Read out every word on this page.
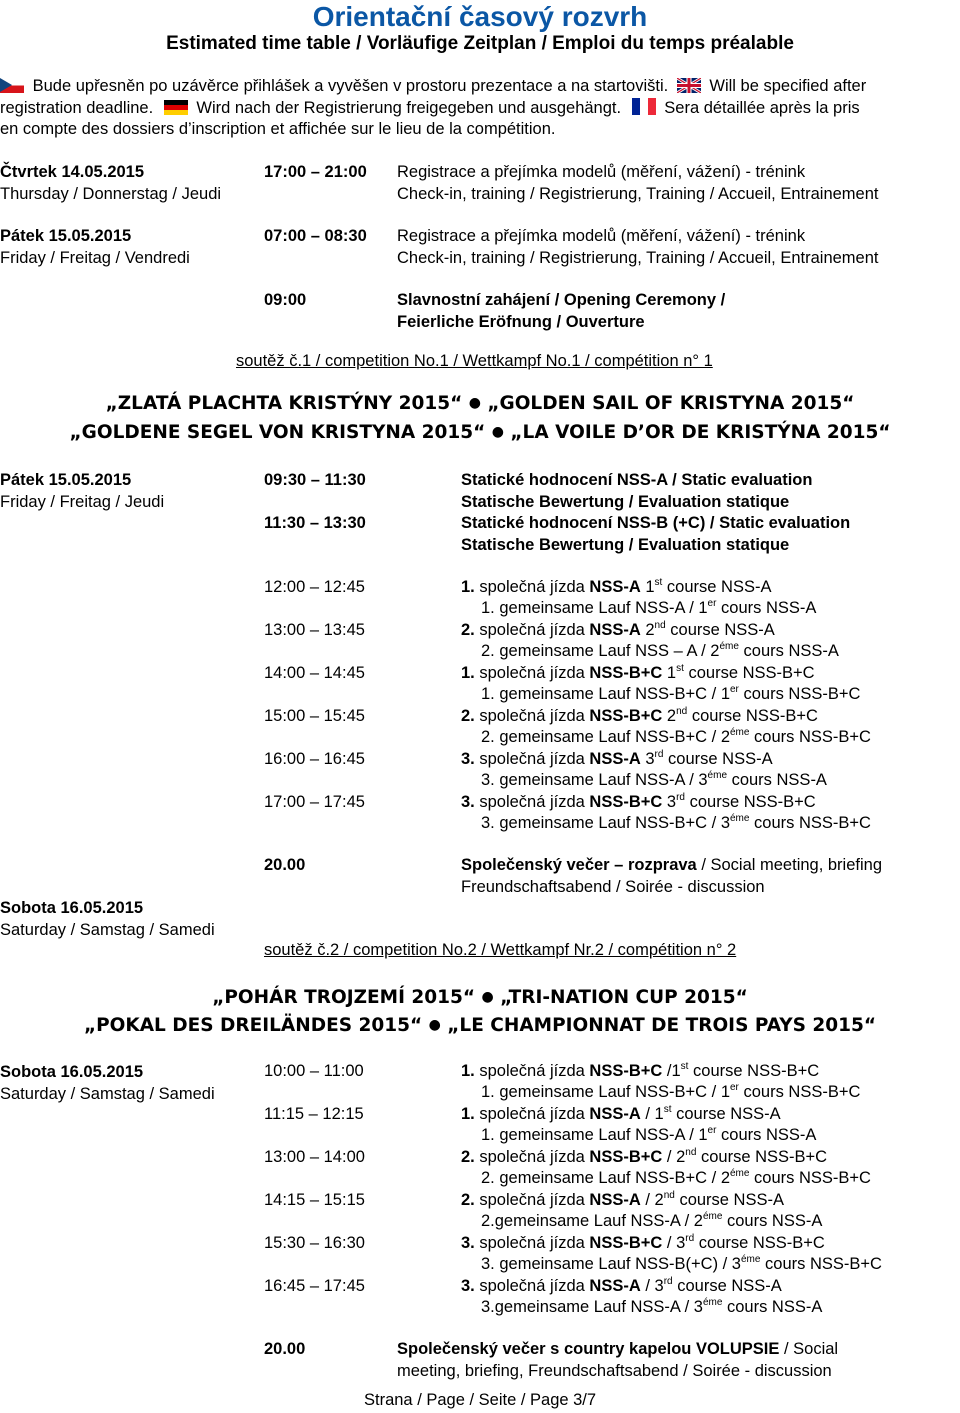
Orientační časový rozvrh
Estimated time table / Vorläufige Zeitplan / Emploi du temps préalable
Bude upřesněn po uzávěrce přihlášek a vyvěšen v prostoru prezentace a na startovišti. Will be specified after
registration deadline.	Wird nach der Registrierung freigegeben und ausgehängt.	Sera détaillée après la pris
en compte des dossiers d’inscription et affichée sur le lieu de la compétition.
Čtvrtek 14.05.2015
Thursday / Donnerstag / Jeudi
17:00 – 21:00 Registrace a přejímka modelů (měření, vážení) - trénink
Check-in, training / Registrierung, Training / Accueil, Entrainement
Pátek 15.05.2015
Friday / Freitag / Vendredi
07:00 – 08:30 Registrace a přejímka modelů (měření, vážení) - trénink
Check-in, training / Registrierung, Training / Accueil, Entrainement
09:00	Slavnostní zahájení / Opening Ceremony /
Feierliche Eröfnung / Ouverture
soutěž č.1 / competition No.1 / Wettkampf No.1 / compétition n° 1
„ZLATÁ PLACHTA KRISTÝNY 2015“ ● „GOLDEN SAIL OF KRISTYNA 2015“
„GOLDENE SEGEL VON KRISTYNA 2015“ ● „LA VOILE D’OR DE KRISTÝNA 2015“
Pátek 15.05.2015
Friday / Freitag / Jeudi
09:30 – 11:30	Statické hodnocení NSS-A / Static evaluation
Statische Bewertung / Evaluation statique
11:30 – 13:30	Statické hodnocení NSS-B (+C) / Static evaluation
Statische Bewertung / Evaluation statique
12:00 – 12:45	1. společná jízda NSS-A 1st course NSS-A
1. gemeinsame Lauf NSS-A / 1er cours NSS-A
13:00 – 13:45	2. společná jízda NSS-A 2nd course NSS-A
2. gemeinsame Lauf NSS – A / $2^{éme}$ cours NSS-A
14:00 – 14:45	1. společná jízda NSS-B+C 1st course NSS-B+C
1. gemeinsame Lauf NSS-B+C / 1er cours NSS-B+C
15:00 – 15:45	2. společná jízda NSS-B+C 2nd course NSS-B+C
2. gemeinsame Lauf $NSS-B+C / 2^{éme}$ cours NSS-B+C
16:00 – 16:45	3. společná jízda NSS-A 3rd course NSS-A
3. gemeinsame Lauf $NSS-A / 3^{éme}$ cours NSS-A
17:00 – 17:45	3. společná jízda NSS-B+C 3rd course NSS-B+C
3. gemeinsame Lauf $NSS-B+C / 3^{éme}$ cours NSS-B+C
20.00	Společenský večer – rozprava / Social meeting, briefing
Freundschaftsabend / Soirée - discussion
Sobota 16.05.2015
Saturday / Samstag / Samedi
soutěž č.2 / competition No.2 / Wettkampf Nr.2 / compétition n° 2
„POHÁR TROJZEMÍ 2015“ ● „TRI-NATION CUP 2015“
„POKAL DES DREILÄNDES 2015“ ● „LE CHAMPIONNAT DE TROIS PAYS 2015“
Sobota 16.05.2015
Saturday / Samstag / Samedi
10:00 – 11:00	1. společná jízda NSS-B+C /1st course NSS-B+C
1. gemeinsame Lauf NSS-B+C / 1er cours NSS-B+C
11:15 – 12:15	1. společná jízda NSS-A / 1st course NSS-A
1. gemeinsame Lauf NSS-A / 1er cours NSS-A
13:00 – 14:00	2. společná jízda NSS-B+C / 2nd course NSS-B+C
2. gemeinsame Lauf $NSS-B+C / 2^{éme}$ cours NSS-B+C
14:15 – 15:15	2. společná jízda NSS-A / 2nd course NSS-A
2.gemeinsame Lauf $NSS-A / 2^{éme}$ cours NSS-A
15:30 – 16:30	3. společná jízda NSS-B+C / 3rd course NSS-B+C
3. gemeinsame Lauf $NSS-B(+C) / 3^{éme}$ cours NSS-B+C
16:45 – 17:45	3. společná jízda NSS-A / 3rd course NSS-A
3.gemeinsame Lauf $NSS-A / 3^{éme}$ cours NSS-A
20.00	Společenský večer s country kapelou VOLUPSIE / Social
meeting, briefing, Freundschaftsabend / Soirée - discussion
Strana / Page / Seite / Page 3/7
